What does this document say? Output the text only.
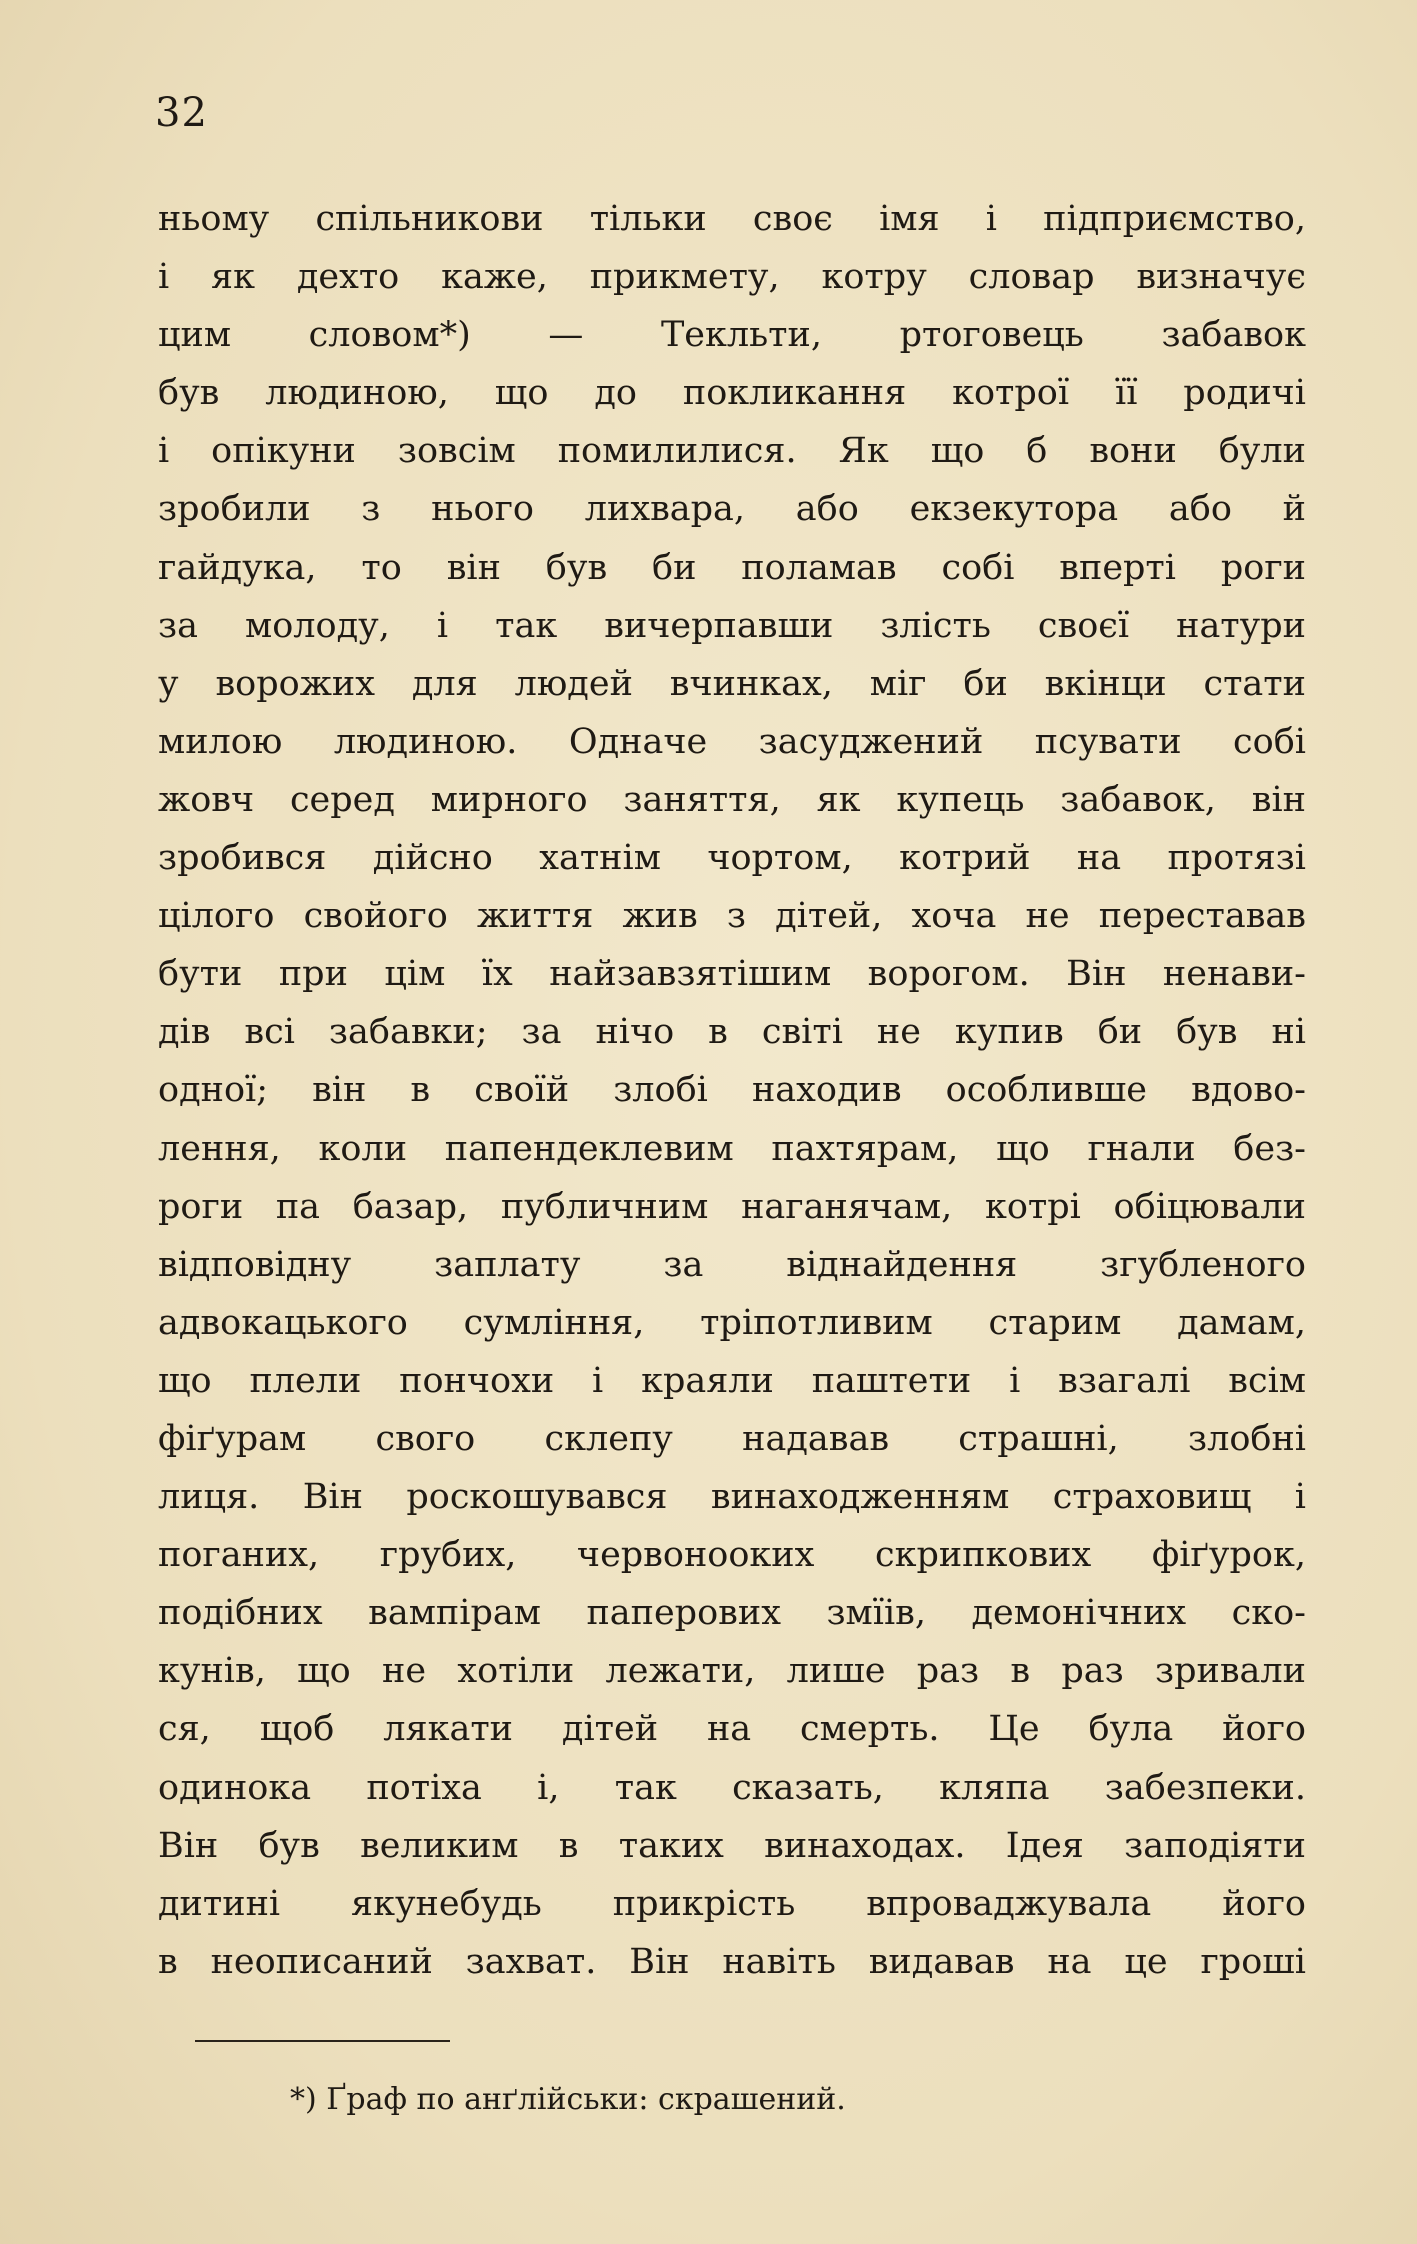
32
ньому спільникови тільки своє імя і підприємство,
і як дехто каже, прикмету, котру словар визначує
цим словом*) — Текльти, ртоговець забавок
був людиною, що до покликання котрої її родичі
і опікуни зовсім помилилися. Як що б вони були
зробили з нього лихвара, або екзекутора або й
гайдука, то він був би поламав собі вперті роги
за молоду, і так вичерпавши злість своєї натури
у ворожих для людей вчинках, міг би вкінци стати
милою людиною. Одначе засуджений псувати собі
жовч серед мирного заняття, як купець забавок, він
зробився дійсно хатнім чортом, котрий на протязі
цілого свойого життя жив з дітей, хоча не переставав
бути при цім їх найзавзятішим ворогом. Він ненави-
дів всі забавки; за нічо в світі не купив би був ні
одної; він в своїй злобі находив особливше вдово-
лення, коли папендеклевим пахтярам, що гнали без-
роги па базар, публичним наганячам, котрі обіцювали
відповідну заплату за віднайдення згубленого
адвокацького сумління, тріпотливим старим дамам,
що плели пончохи і краяли паштети і взагалі всім
фіґурам свого склепу надавав страшні, злобні
лиця. Він роскошувався винаходженням страховищ і
поганих, грубих, червоноокиx скрипкових фіґурок,
подібних вампірам паперових змїів, демонічних ско-
кунів, що не хотіли лежати, лише раз в раз зривали
ся, щоб лякати дітей на смерть. Це була його
одинока потіха і, так сказать, кляпа забезпеки.
Він був великим в таких винаходах. Ідея заподіяти
дитині якунебудь прикрість впроваджувала його
в неописаний захват. Він навіть видавав на це гроші
*) Ґраф по анґлійськи: скрашений.
